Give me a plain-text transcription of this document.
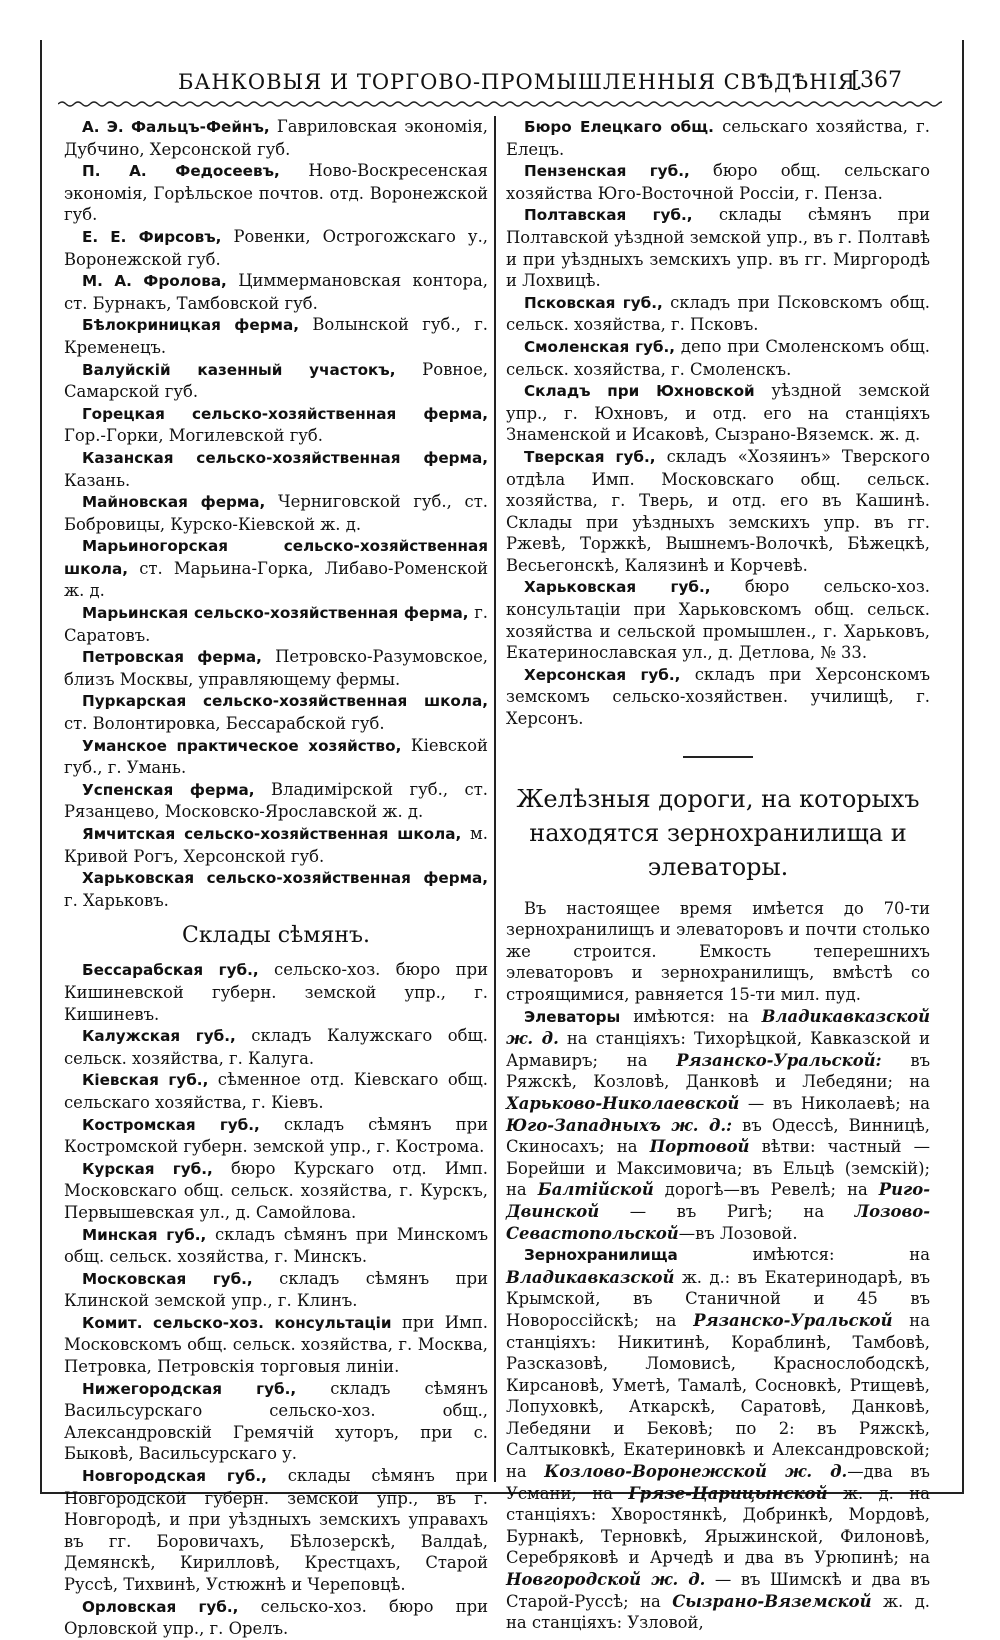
БАНКОВЫЯ И ТОРГОВО-ПРОМЫШЛЕННЫЯ СВѢДѢНІЯ.
[367

А. Э. Фальцъ-Фейнъ, Гавриловская экономія, Дубчино, Херсонской губ.

П. А. Федосеевъ, Ново-Воскресенская экономія, Горѣльское почтов. отд. Воронежской губ.

Е. Е. Фирсовъ, Ровенки, Острогожскаго у., Воронежской губ.

М. А. Фролова, Циммермановская контора, ст. Бурнакъ, Тамбовской губ.

Бѣлокриницкая ферма, Волынской губ., г. Кременецъ.

Валуйскій казенный участокъ, Ровное, Самарской губ.

Горецкая сельско-хозяйственная ферма, Гор.-Горки, Могилевской губ.

Казанская сельско-хозяйственная ферма, Казань.

Майновская ферма, Черниговской губ., ст. Бобровицы, Курско-Кіевской ж. д.

Марьиногорская сельско-хозяйственная школа, ст. Марьина-Горка, Либаво-Роменской ж. д.

Марьинская сельско-хозяйственная ферма, г. Саратовъ.

Петровская ферма, Петровско-Разумовское, близъ Москвы, управляющему фермы.

Пуркарская сельско-хозяйственная школа, ст. Волонтировка, Бессарабской губ.

Уманское практическое хозяйство, Кіевской губ., г. Умань.

Успенская ферма, Владимірской губ., ст. Рязанцево, Московско-Ярославской ж. д.

Ямчитская сельско-хозяйственная школа, м. Кривой Рогъ, Херсонской губ.

Харьковская сельско-хозяйственная ферма, г. Харьковъ.

Склады сѣмянъ.

Бессарабская губ., сельско-хоз. бюро при Кишиневской губерн. земской упр., г. Кишиневъ.

Калужская губ., складъ Калужскаго общ. сельск. хозяйства, г. Калуга.

Кіевская губ., сѣменное отд. Кіевскаго общ. сельскаго хозяйства, г. Кіевъ.

Костромская губ., складъ сѣмянъ при Костромской губерн. земской упр., г. Кострома.

Курская губ., бюро Курскаго отд. Имп. Московскаго общ. сельск. хозяйства, г. Курскъ, Первышевская ул., д. Самойлова.

Минская губ., складъ сѣмянъ при Минскомъ общ. сельск. хозяйства, г. Минскъ.

Московская губ., складъ сѣмянъ при Клинской земской упр., г. Клинъ.

Комит. сельско-хоз. консультаціи при Имп. Московскомъ общ. сельск. хозяйства, г. Москва, Петровка, Петровскія торговыя линіи.

Нижегородская губ., складъ сѣмянъ Васильсурскаго сельско-хоз. общ., Александровскій Гремячій хуторъ, при с. Быковѣ, Васильсурскаго у.

Новгородская губ., склады сѣмянъ при Новгородской губерн. земской упр., въ г. Новгородѣ, и при уѣздныхъ земскихъ управахъ въ гг. Боровичахъ, Бѣлозерскѣ, Валдаѣ, Демянскѣ, Кирилловѣ, Крестцахъ, Старой Руссѣ, Тихвинѣ, Устюжнѣ и Череповцѣ.

Орловская губ., сельско-хоз. бюро при Орловской упр., г. Орелъ.

Бюро Елецкаго общ. сельскаго хозяйства, г. Елецъ.

Пензенская губ., бюро общ. сельскаго хозяйства Юго-Восточной Россіи, г. Пенза.

Полтавская губ., склады сѣмянъ при Полтавской уѣздной земской упр., въ г. Полтавѣ и при уѣздныхъ земскихъ упр. въ гг. Миргородѣ и Лохвицѣ.

Псковская губ., складъ при Псковскомъ общ. сельск. хозяйства, г. Псковъ.

Смоленская губ., депо при Смоленскомъ общ. сельск. хозяйства, г. Смоленскъ.

Складъ при Юхновской уѣздной земской упр., г. Юхновъ, и отд. его на станціяхъ Знаменской и Исаковѣ, Сызрано-Вяземск. ж. д.

Тверская губ., складъ «Хозяинъ» Тверского отдѣла Имп. Московскаго общ. сельск. хозяйства, г. Тверь, и отд. его въ Кашинѣ. Склады при уѣздныхъ земскихъ упр. въ гг. Ржевѣ, Торжкѣ, Вышнемъ-Волочкѣ, Бѣжецкѣ, Весьегонскѣ, Калязинѣ и Корчевѣ.

Харьковская губ., бюро сельско-хоз. консультаціи при Харьковскомъ общ. сельск. хозяйства и сельской промышлен., г. Харьковъ, Екатеринославская ул., д. Детлова, № 33.

Херсонская губ., складъ при Херсонскомъ земскомъ сельско-хозяйствен. училищѣ, г. Херсонъ.

Желѣзныя дороги, на которыхъ находятся зернохранилища и элеваторы.

Въ настоящее время имѣется до 70-ти зернохранилищъ и элеваторовъ и почти столько же строится. Емкость теперешнихъ элеваторовъ и зернохранилищъ, вмѣстѣ со строящимися, равняется 15-ти мил. пуд.

Элеваторы имѣются: на Владикавказской ж. д. на станціяхъ: Тихорѣцкой, Кавказской и Армавиръ; на Рязанско-Уральской: въ Ряжскѣ, Козловѣ, Данковѣ и Лебедяни; на Харьково-Николаевской — въ Николаевѣ; на Юго-Западныхъ ж. д.: въ Одессѣ, Винницѣ, Скиносахъ; на Портовой вѣтви: частный — Борейши и Максимовича; въ Ельцѣ (земскій); на Балтійской дорогѣ—въ Ревелѣ; на Риго-Двинской — въ Ригѣ; на Лозово-Севастопольской—въ Лозовой.

Зернохранилища имѣются: на Владикавказской ж. д.: въ Екатеринодарѣ, въ Крымской, въ Станичной и 45 въ Новороссійскѣ; на Рязанско-Уральской на станціяхъ: Никитинѣ, Кораблинѣ, Тамбовѣ, Разсказовѣ, Ломовисѣ, Краснослободскѣ, Кирсановѣ, Уметѣ, Тамалѣ, Сосновкѣ, Ртищевѣ, Лопуховкѣ, Аткарскѣ, Саратовѣ, Данковѣ, Лебедяни и Бековѣ; по 2: въ Ряжскѣ, Салтыковкѣ, Екатериновкѣ и Александровской; на Козлово-Воронежской ж. д.—два въ Усмани; на Грязе-Царицынской ж. д. на станціяхъ: Хворостянкѣ, Добринкѣ, Мордовѣ, Бурнакѣ, Терновкѣ, Ярыжинской, Филоновѣ, Серебряковѣ и Арчедѣ и два въ Урюпинѣ; на Новгородской ж. д. — въ Шимскѣ и два въ Старой-Руссѣ; на Сызрано-Вяземской ж. д. на станціяхъ: Узловой,
